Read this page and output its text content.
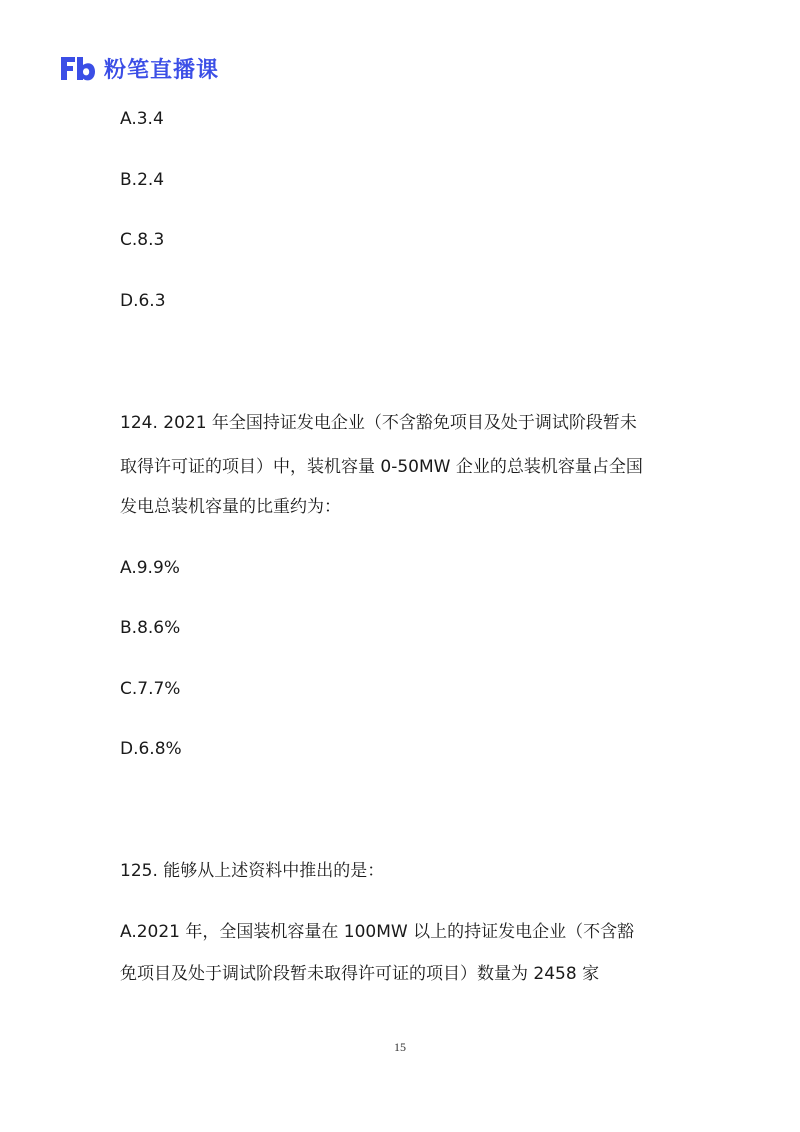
粉笔直播课
A.3.4
B.2.4
C.8.3
D.6.3
124. 2021 年全国持证发电企业（不含豁免项目及处于调试阶段暂未
取得许可证的项目）中，装机容量 0-50MW 企业的总装机容量占全国
发电总装机容量的比重约为：
A.9.9%
B.8.6%
C.7.7%
D.6.8%
125. 能够从上述资料中推出的是：
A.2021 年，全国装机容量在 100MW 以上的持证发电企业（不含豁
免项目及处于调试阶段暂未取得许可证的项目）数量为 2458 家
15
